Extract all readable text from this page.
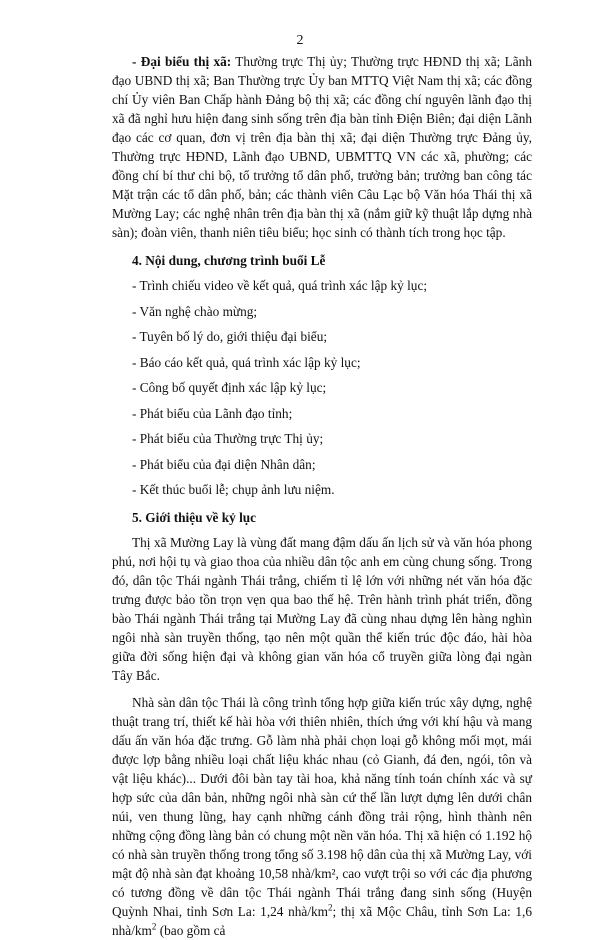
2

- Đại biểu thị xã: Thường trực Thị ủy; Thường trực HĐND thị xã; Lãnh đạo UBND thị xã; Ban Thường trực Ủy ban MTTQ Việt Nam thị xã; các đồng chí Ủy viên Ban Chấp hành Đảng bộ thị xã; các đồng chí nguyên lãnh đạo thị xã đã nghỉ hưu hiện đang sinh sống trên địa bàn tỉnh Điện Biên; đại diện Lãnh đạo các cơ quan, đơn vị trên địa bàn thị xã; đại diện Thường trực Đảng ủy, Thường trực HĐND, Lãnh đạo UBND, UBMTTQ VN các xã, phường; các đồng chí bí thư chi bộ, tổ trưởng tổ dân phố, trưởng bản; trưởng ban công tác Mặt trận các tổ dân phố, bản; các thành viên Câu Lạc bộ Văn hóa Thái thị xã Mường Lay; các nghệ nhân trên địa bàn thị xã (nắm giữ kỹ thuật lắp dựng nhà sàn); đoàn viên, thanh niên tiêu biểu; học sinh có thành tích trong học tập.

4. Nội dung, chương trình buổi Lễ

- Trình chiếu video về kết quả, quá trình xác lập kỷ lục;

- Văn nghệ chào mừng;

- Tuyên bố lý do, giới thiệu đại biểu;

- Báo cáo kết quả, quá trình xác lập kỷ lục;

- Công bố quyết định xác lập kỷ lục;

- Phát biểu của Lãnh đạo tỉnh;

- Phát biểu của Thường trực Thị ủy;

- Phát biểu của đại diện Nhân dân;

- Kết thúc buổi lễ; chụp ảnh lưu niệm.

5. Giới thiệu về kỷ lục

Thị xã Mường Lay là vùng đất mang đậm dấu ấn lịch sử và văn hóa phong phú, nơi hội tụ và giao thoa của nhiều dân tộc anh em cùng chung sống. Trong đó, dân tộc Thái ngành Thái trắng, chiếm tỉ lệ lớn với những nét văn hóa đặc trưng được bảo tồn trọn vẹn qua bao thế hệ. Trên hành trình phát triển, đồng bào Thái ngành Thái trắng tại Mường Lay đã cùng nhau dựng lên hàng nghìn ngôi nhà sàn truyền thống, tạo nên một quần thể kiến trúc độc đáo, hài hòa giữa đời sống hiện đại và không gian văn hóa cổ truyền giữa lòng đại ngàn Tây Bắc.

Nhà sàn dân tộc Thái là công trình tổng hợp giữa kiến trúc xây dựng, nghệ thuật trang trí, thiết kế hài hòa với thiên nhiên, thích ứng với khí hậu và mang dấu ấn văn hóa đặc trưng. Gỗ làm nhà phải chọn loại gỗ không mối mọt, mái được lợp bằng nhiều loại chất liệu khác nhau (cỏ Gianh, đá đen, ngói, tôn và vật liệu khác)... Dưới đôi bàn tay tài hoa, khả năng tính toán chính xác và sự hợp sức của dân bản, những ngôi nhà sàn cứ thế lần lượt dựng lên dưới chân núi, ven thung lũng, hay cạnh những cánh đồng trải rộng, hình thành nên những cộng đồng làng bản có chung một nền văn hóa. Thị xã hiện có 1.192 hộ có nhà sàn truyền thống trong tổng số 3.198 hộ dân của thị xã Mường Lay, với mật độ nhà sàn đạt khoảng 10,58 nhà/km², cao vượt trội so với các địa phương có tương đồng về dân tộc Thái ngành Thái trắng đang sinh sống (Huyện Quỳnh Nhai, tỉnh Sơn La: 1,24 nhà/$km^2$; thị xã Mộc Châu, tỉnh Sơn La: 1,6 nhà/$km^2$ (bao gồm cả
